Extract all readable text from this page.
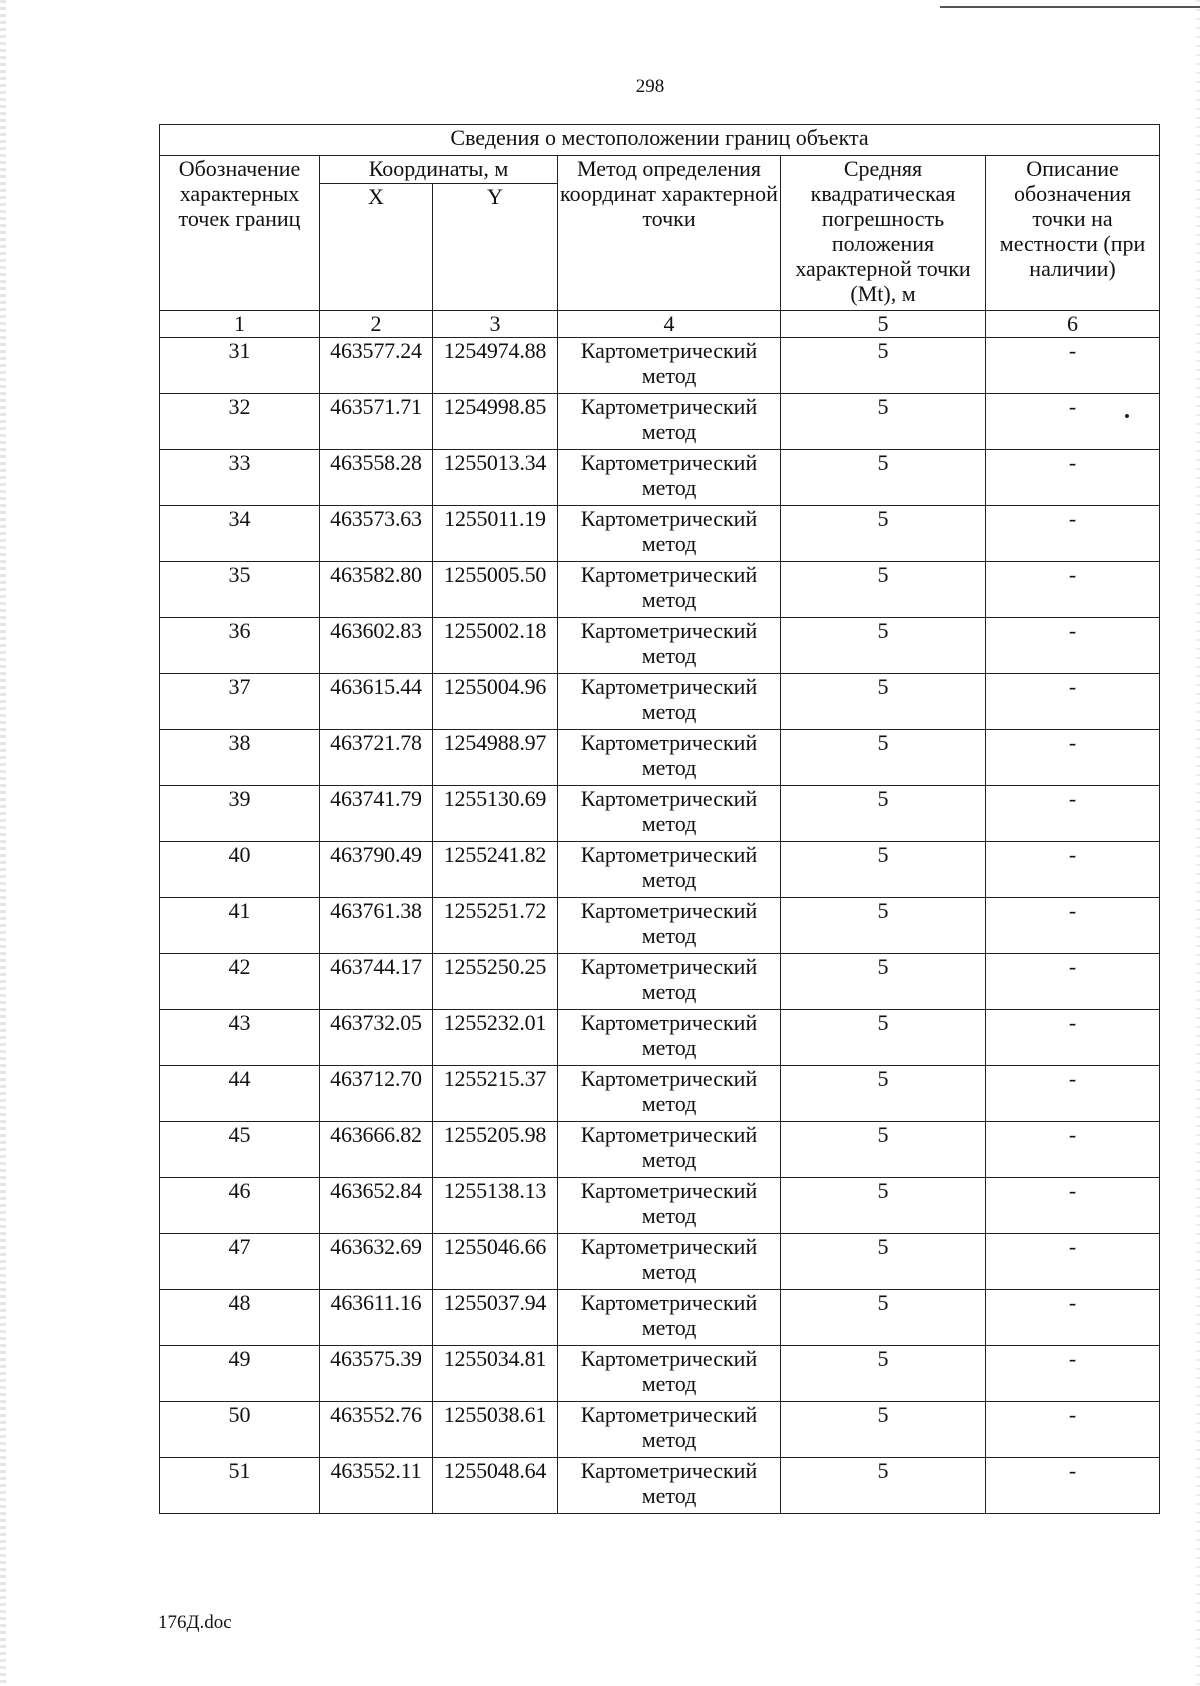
298
Сведения о местоположении границ объекта					
Обозначение характерных точек границ	Координаты, м		Метод определения координат характерной точки	Средняя квадратическая погрешность положения характерной точки (Mt), м	Описание обозначения точки на местности (при наличии)
	X	Y			
1	2	3	4	5	6
31	463577.24	1254974.88	Картометрический метод	5	-
32	463571.71	1254998.85	Картометрический метод	5	-
33	463558.28	1255013.34	Картометрический метод	5	-
34	463573.63	1255011.19	Картометрический метод	5	-
35	463582.80	1255005.50	Картометрический метод	5	-
36	463602.83	1255002.18	Картометрический метод	5	-
37	463615.44	1255004.96	Картометрический метод	5	-
38	463721.78	1254988.97	Картометрический метод	5	-
39	463741.79	1255130.69	Картометрический метод	5	-
40	463790.49	1255241.82	Картометрический метод	5	-
41	463761.38	1255251.72	Картометрический метод	5	-
42	463744.17	1255250.25	Картометрический метод	5	-
43	463732.05	1255232.01	Картометрический метод	5	-
44	463712.70	1255215.37	Картометрический метод	5	-
45	463666.82	1255205.98	Картометрический метод	5	-
46	463652.84	1255138.13	Картометрический метод	5	-
47	463632.69	1255046.66	Картометрический метод	5	-
48	463611.16	1255037.94	Картометрический метод	5	-
49	463575.39	1255034.81	Картометрический метод	5	-
50	463552.76	1255038.61	Картометрический метод	5	-
51	463552.11	1255048.64	Картометрический метод	5	-
176Д.doc
